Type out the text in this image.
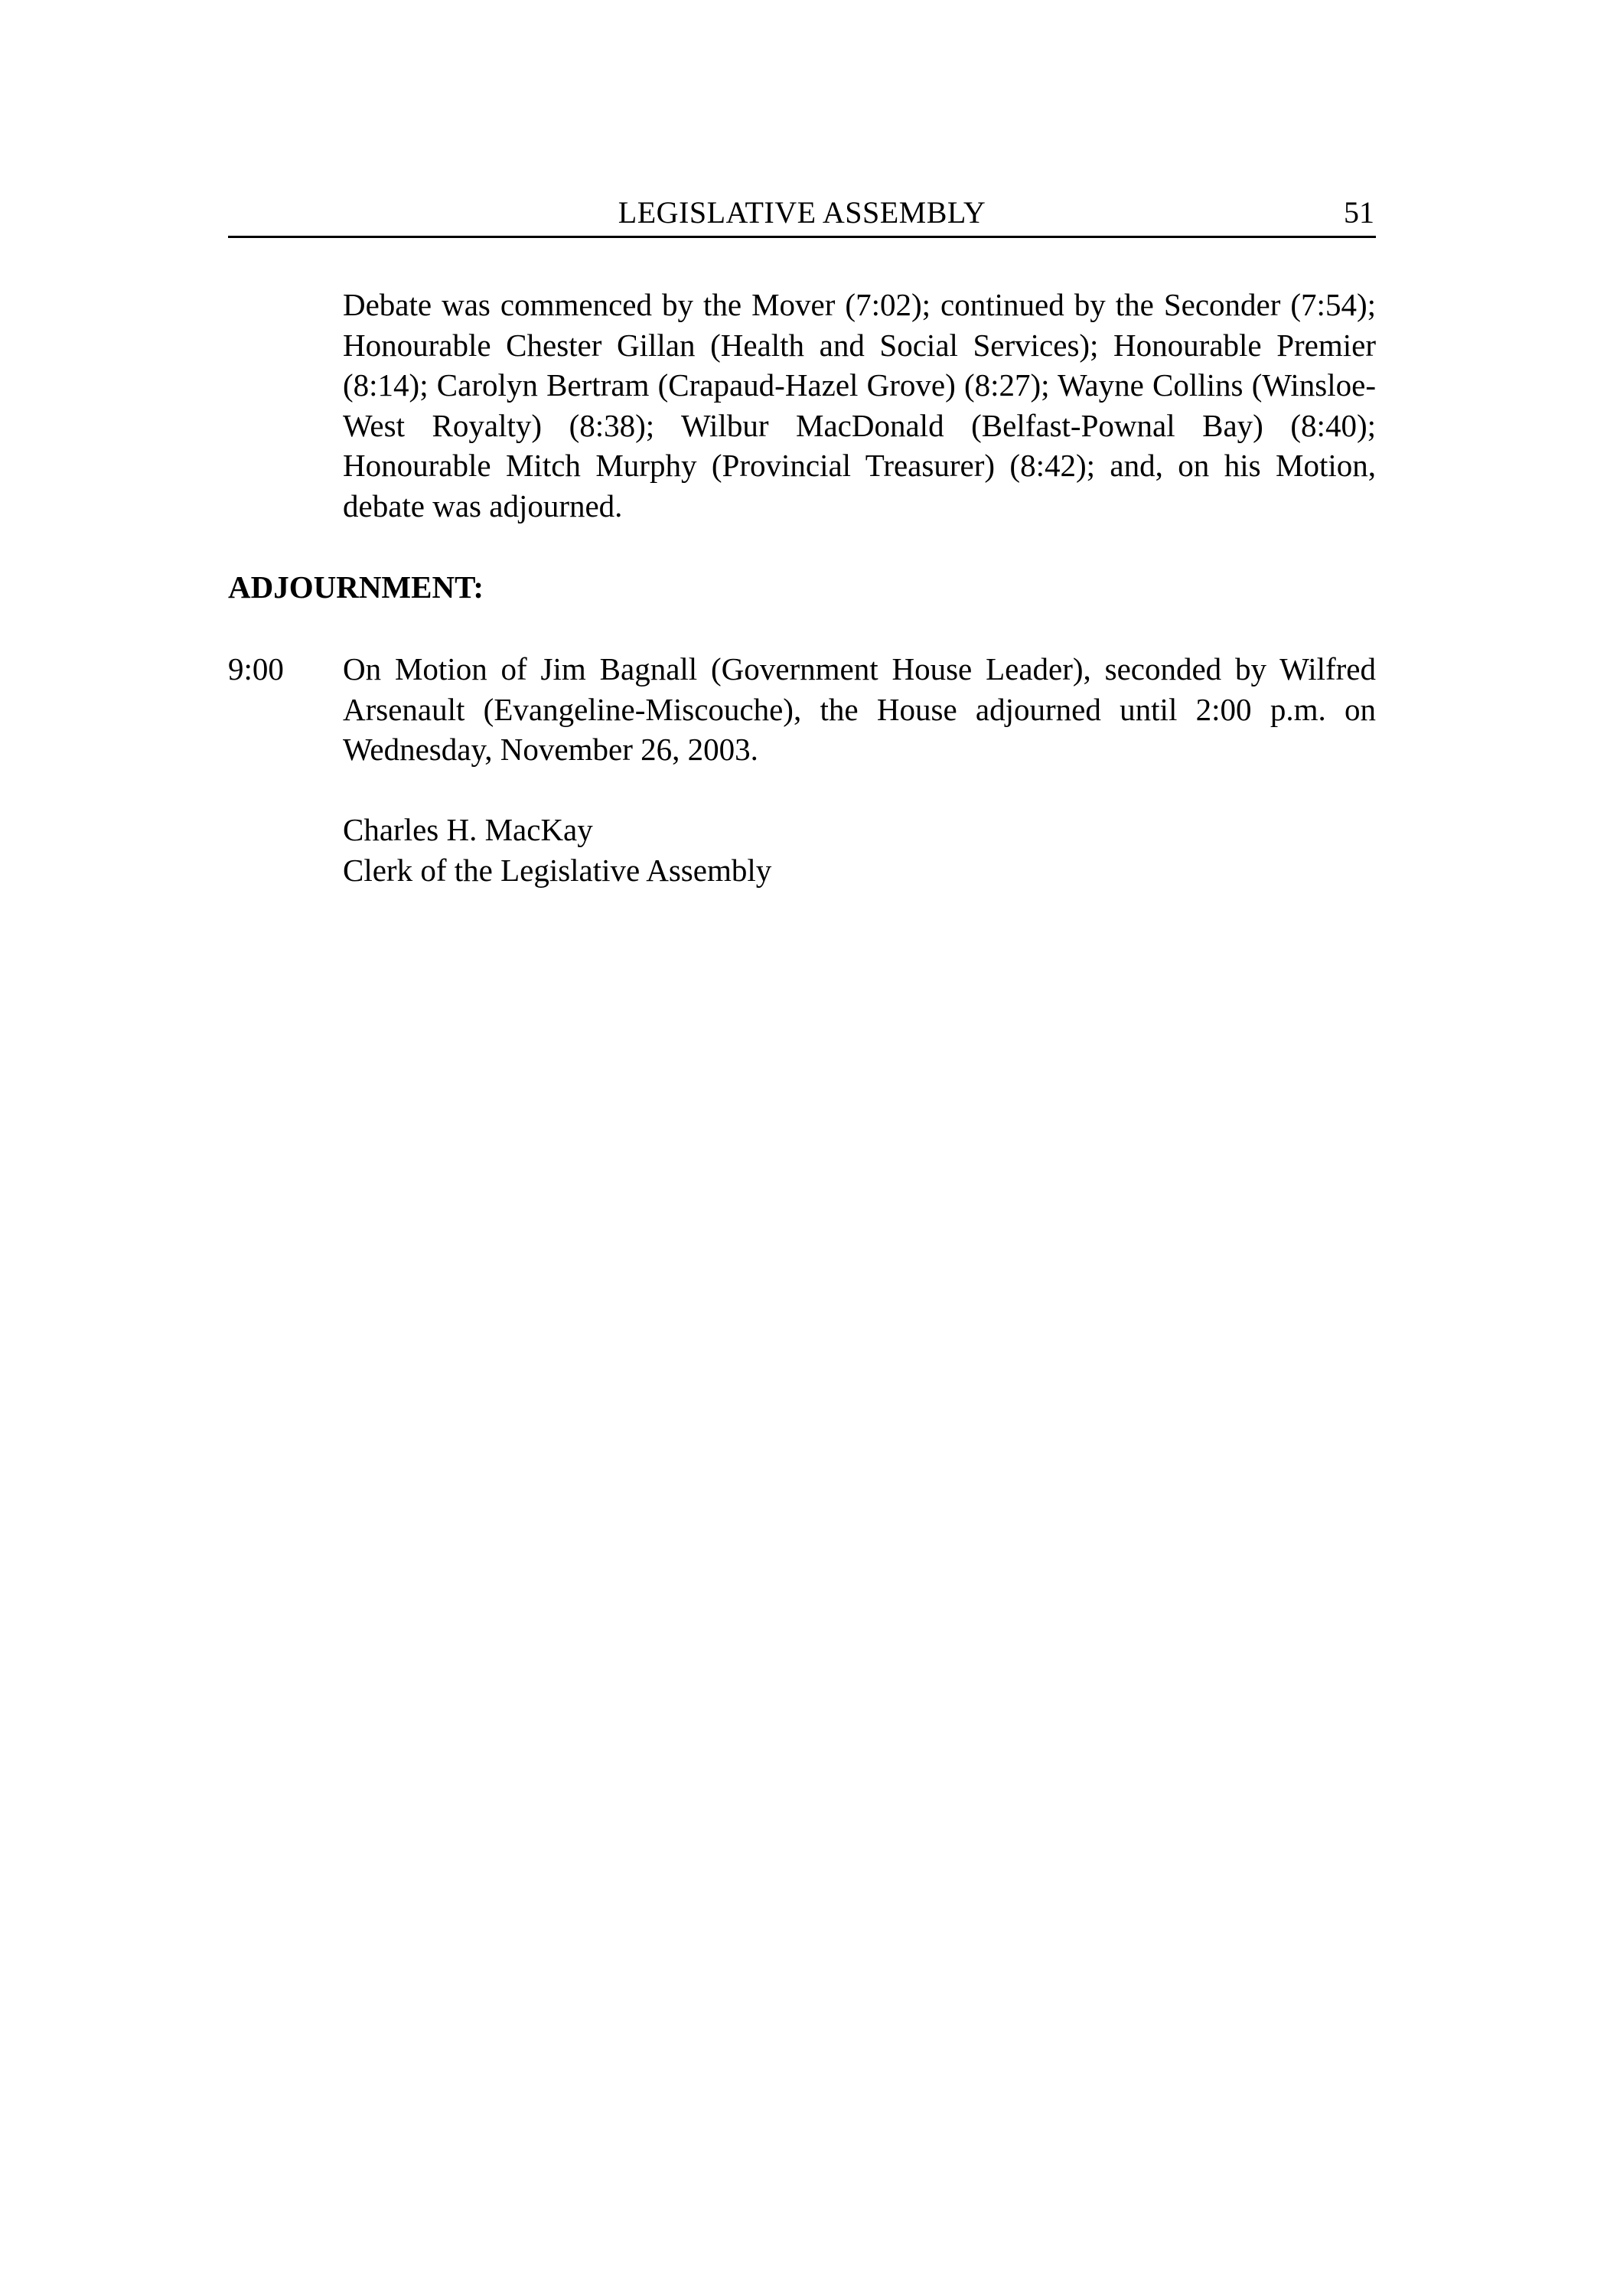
LEGISLATIVE ASSEMBLY	51

Debate was commenced by the Mover (7:02); continued by the Seconder (7:54); Honourable Chester Gillan (Health and Social Services); Honourable Premier (8:14); Carolyn Bertram (Crapaud-Hazel Grove) (8:27); Wayne Collins (Winsloe-West Royalty) (8:38); Wilbur MacDonald (Belfast-Pownal Bay) (8:40); Honourable Mitch Murphy (Provincial Treasurer) (8:42); and, on his Motion, debate was adjourned.

ADJOURNMENT:
9:00 On Motion of Jim Bagnall (Government House Leader), seconded by Wilfred Arsenault (Evangeline-Miscouche), the House adjourned until 2:00 p.m. on Wednesday, November 26, 2003.

Charles H. MacKay
Clerk of the Legislative Assembly
